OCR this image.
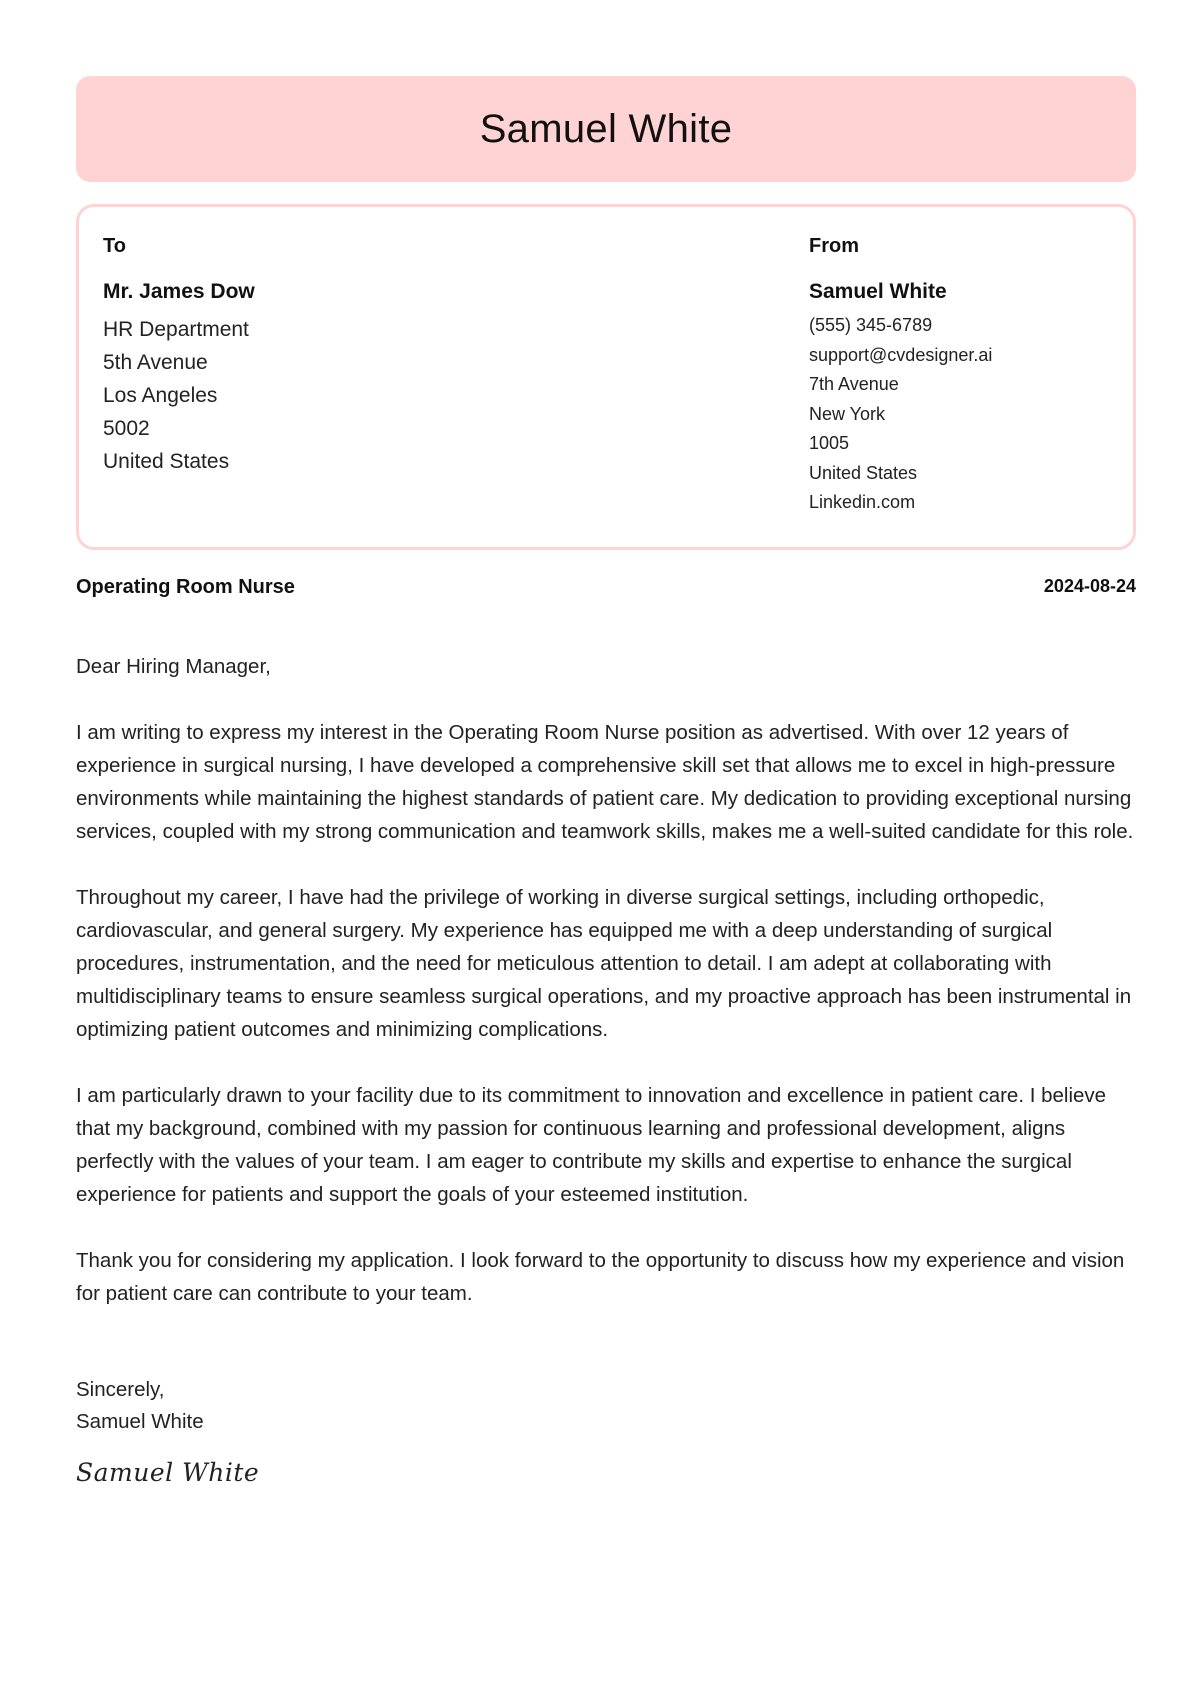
Samuel White
To
Mr. James Dow
HR Department
5th Avenue
Los Angeles
5002
United States
From
Samuel White
(555) 345-6789
support@cvdesigner.ai
7th Avenue
New York
1005
United States
Linkedin.com
Operating Room Nurse	2024-08-24

Dear Hiring Manager,

I am writing to express my interest in the Operating Room Nurse position as advertised. With over 12 years of experience in surgical nursing, I have developed a comprehensive skill set that allows me to excel in high-pressure environments while maintaining the highest standards of patient care. My dedication to providing exceptional nursing services, coupled with my strong communication and teamwork skills, makes me a well-suited candidate for this role.

Throughout my career, I have had the privilege of working in diverse surgical settings, including orthopedic, cardiovascular, and general surgery. My experience has equipped me with a deep understanding of surgical procedures, instrumentation, and the need for meticulous attention to detail. I am adept at collaborating with multidisciplinary teams to ensure seamless surgical operations, and my proactive approach has been instrumental in optimizing patient outcomes and minimizing complications.

I am particularly drawn to your facility due to its commitment to innovation and excellence in patient care. I believe that my background, combined with my passion for continuous learning and professional development, aligns perfectly with the values of your team. I am eager to contribute my skills and expertise to enhance the surgical experience for patients and support the goals of your esteemed institution.

Thank you for considering my application. I look forward to the opportunity to discuss how my experience and vision for patient care can contribute to your team.

Sincerely,
Samuel White
Samuel White
